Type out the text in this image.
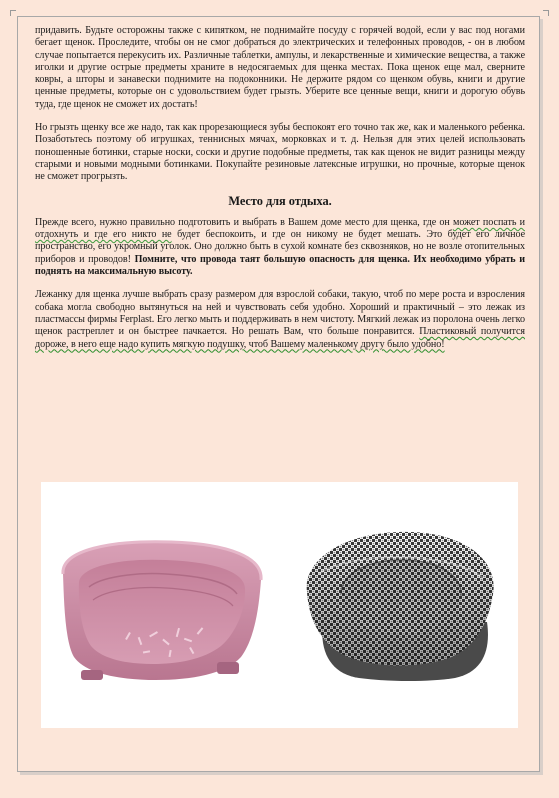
придавить. Будьте осторожны также с кипятком, не поднимайте посуду с горячей водой, если у вас под ногами бегает щенок. Проследите, чтобы он не смог добраться до электрических и телефонных проводов, - он в любом случае попытается перекусить их. Различные таблетки, ампулы, и лекарственные и химические вещества, а также иголки и другие острые предметы храните в недосягаемых для щенка местах. Пока щенок еще мал, сверните ковры, а шторы и занавески поднимите на подоконники. Не держите рядом со щенком обувь, книги и другие ценные предметы, которые он с удовольствием будет грызть. Уберите все ценные вещи, книги и дорогую обувь туда, где щенок не сможет их достать!

Но грызть щенку все же надо, так как прорезающиеся зубы беспокоят его точно так же, как и маленького ребенка. Позаботьтесь поэтому об игрушках, теннисных мячах, морковках и т. д. Нельзя для этих целей использовать поношенные ботинки, старые носки, соски и другие подобные предметы, так как щенок не видит разницы между старыми и новыми модными ботинками. Покупайте резиновые латексные игрушки, но прочные, которые щенок не сможет прогрызть.

Место для отдыха.

Прежде всего, нужно правильно подготовить и выбрать в Вашем доме место для щенка, где он может поспать и отдохнуть и где его никто не будет беспокоить, и где он никому не будет мешать. Это будет его личное пространство, его укромный уголок. Оно должно быть в сухой комнате без сквозняков, но не возле отопительных приборов и проводов! Помните, что провода таят большую опасность для щенка. Их необходимо убрать и поднять на максимальную высоту.

Лежанку для щенка лучше выбрать сразу размером для взрослой собаки, такую, чтоб по мере роста и взросления собака могла свободно вытянуться на ней и чувствовать себя удобно. Хороший и практичный – это лежак из пластмассы фирмы Ferplast. Его легко мыть и поддерживать в нем чистоту. Мягкий лежак из поролона очень легко щенок растреплет и он быстрее пачкается. Но решать Вам, что больше понравится. Пластиковый получится дороже, в него еще надо купить мягкую подушку, чтоб Вашему маленькому другу было удобно!
